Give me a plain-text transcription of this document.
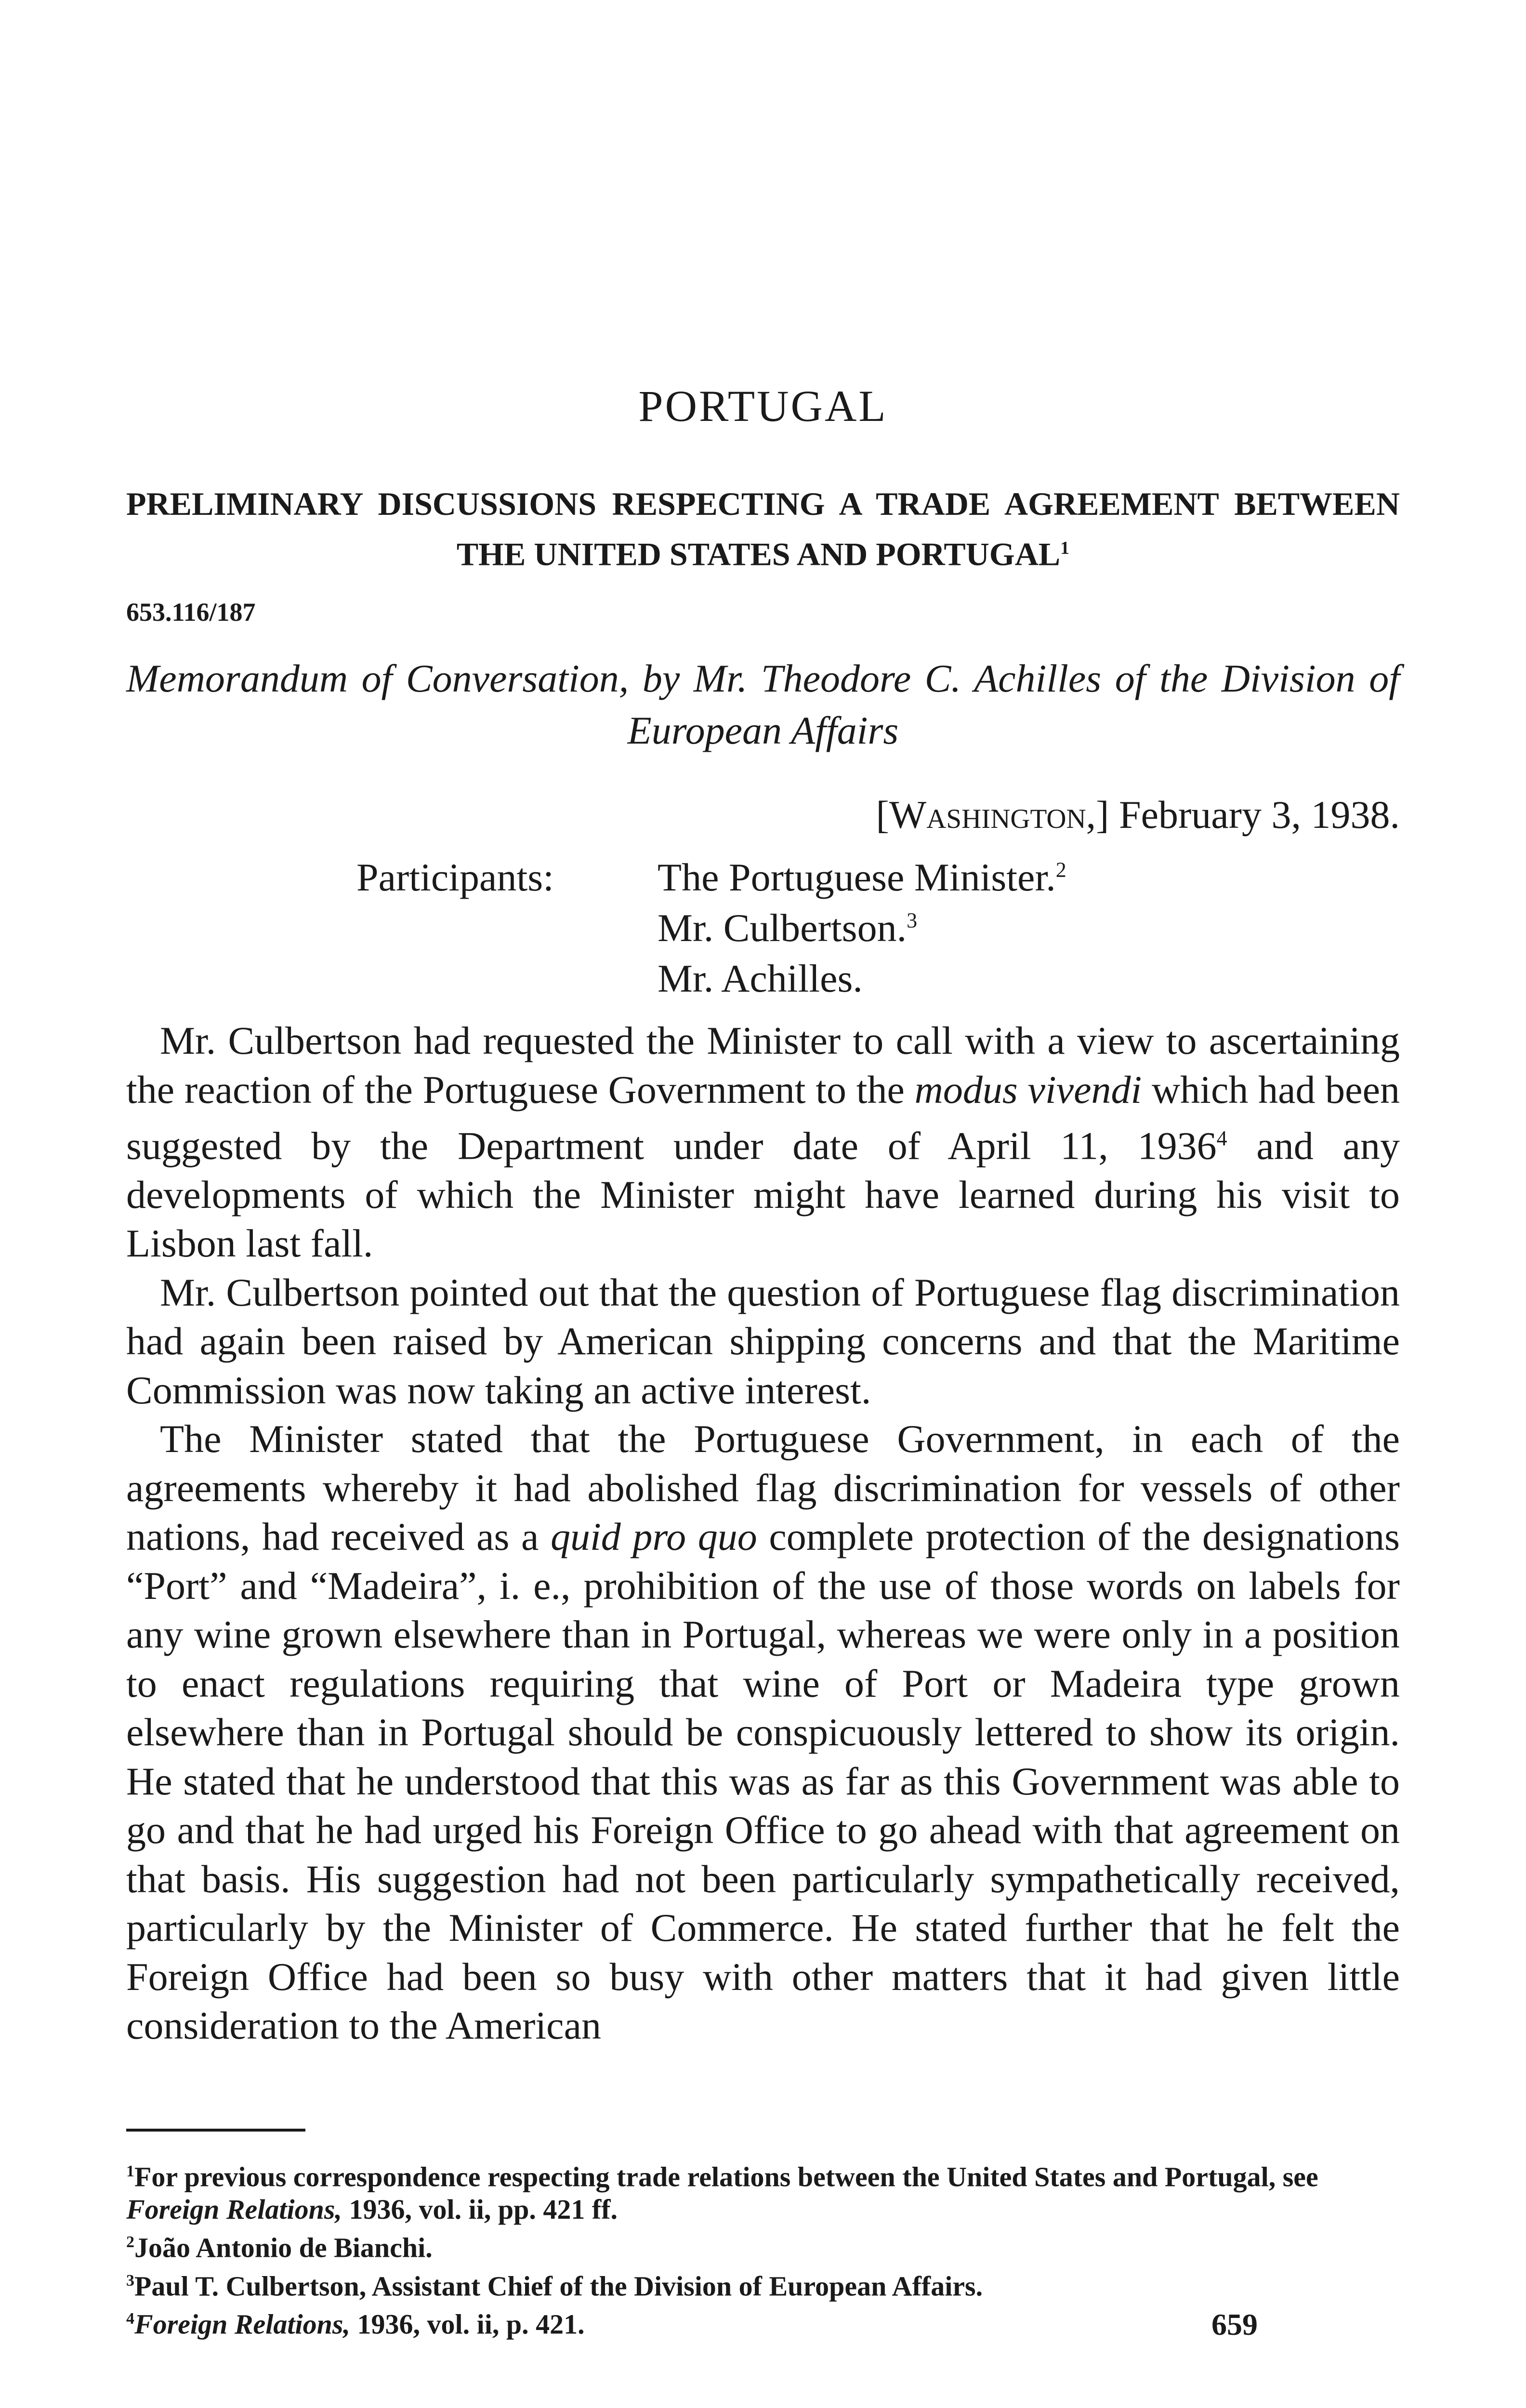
PORTUGAL
PRELIMINARY DISCUSSIONS RESPECTING A TRADE AGREEMENT BETWEEN THE UNITED STATES AND PORTUGAL$^1$
653.116/187
Memorandum of Conversation, by Mr. Theodore C. Achilles of the Division of European Affairs
[Washington,] February 3, 1938.
Participants:	The Portuguese Minister.$^2$
Mr. Culbertson.$^3$
Mr. Achilles.

Mr. Culbertson had requested the Minister to call with a view to ascertaining the reaction of the Portuguese Government to the modus vivendi which had been suggested by the Department under date of April 11, 1936$^4$ and any developments of which the Minister might have learned during his visit to Lisbon last fall.

Mr. Culbertson pointed out that the question of Portuguese flag discrimination had again been raised by American shipping concerns and that the Maritime Commission was now taking an active interest.

The Minister stated that the Portuguese Government, in each of the agreements whereby it had abolished flag discrimination for vessels of other nations, had received as a quid pro quo complete protection of the designations “Port” and “Madeira”, i. e., prohibition of the use of those words on labels for any wine grown elsewhere than in Portugal, whereas we were only in a position to enact regulations requiring that wine of Port or Madeira type grown elsewhere than in Portugal should be conspicuously lettered to show its origin. He stated that he understood that this was as far as this Government was able to go and that he had urged his Foreign Office to go ahead with that agreement on that basis. His suggestion had not been particularly sympathetically received, particularly by the Minister of Commerce. He stated further that he felt the Foreign Office had been so busy with other matters that it had given little consideration to the American

$^1$For previous correspondence respecting trade relations between the United States and Portugal, see Foreign Relations, 1936, vol. ii, pp. 421 ff.

$^2$João Antonio de Bianchi.

$^3$Paul T. Culbertson, Assistant Chief of the Division of European Affairs.

$^4$Foreign Relations, 1936, vol. ii, p. 421.	659
